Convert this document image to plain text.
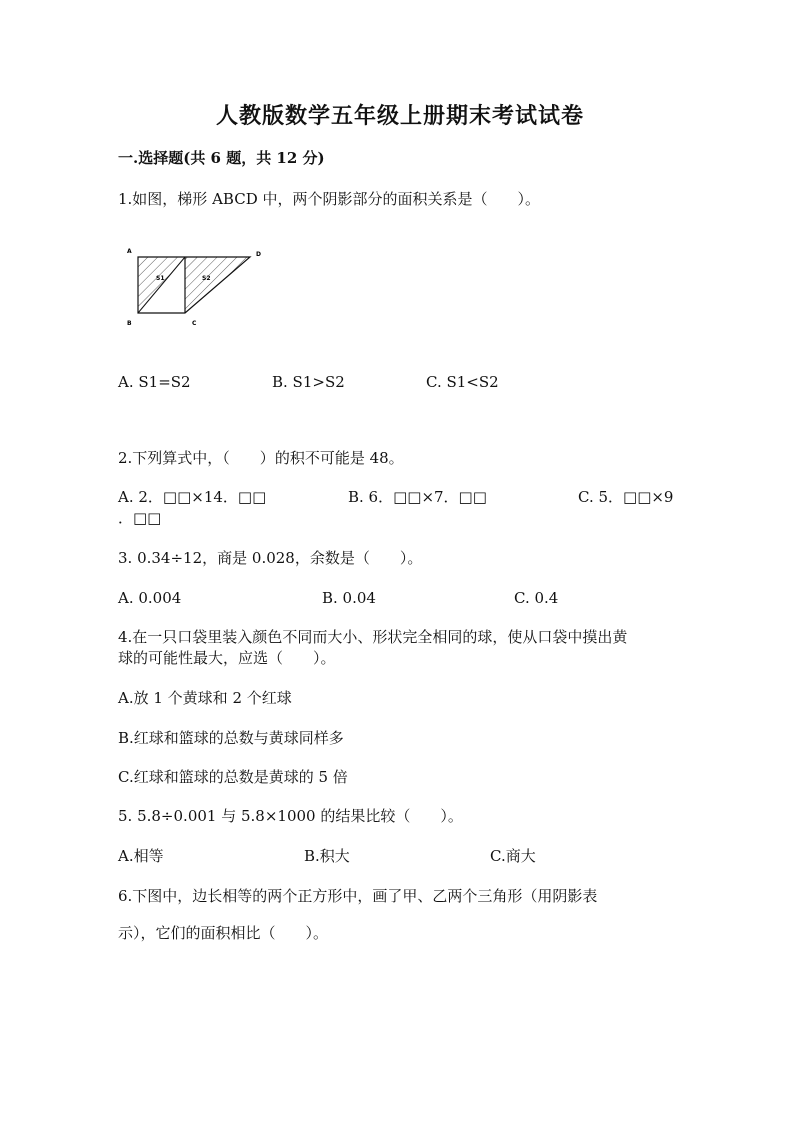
人教版数学五年级上册期末考试试卷
一.选择题(共 6 题，共 12 分)
1.如图，梯形 ABCD 中，两个阴影部分的面积关系是（　　）。
A	D
B	C
S1	S2
A. S1=S2	B. S1>S2	C. S1<S2
2.下列算式中，（　　）的积不可能是 48。
A. 2．□□×14．□□	B. 6．□□×7．□□	C. 5．□□×9
．□□
3. 0.34÷12，商是 0.028，余数是（　　）。
A. 0.004	B. 0.04	C. 0.4
4.在一只口袋里装入颜色不同而大小、形状完全相同的球，使从口袋中摸出黄
球的可能性最大，应选（　　）。
A.放 1 个黄球和 2 个红球
B.红球和篮球的总数与黄球同样多
C.红球和篮球的总数是黄球的 5 倍
5. 5.8÷0.001 与 5.8×1000 的结果比较（　　）。
A.相等	B.积大	C.商大
6.下图中，边长相等的两个正方形中，画了甲、乙两个三角形（用阴影表
示），它们的面积相比（　　）。
